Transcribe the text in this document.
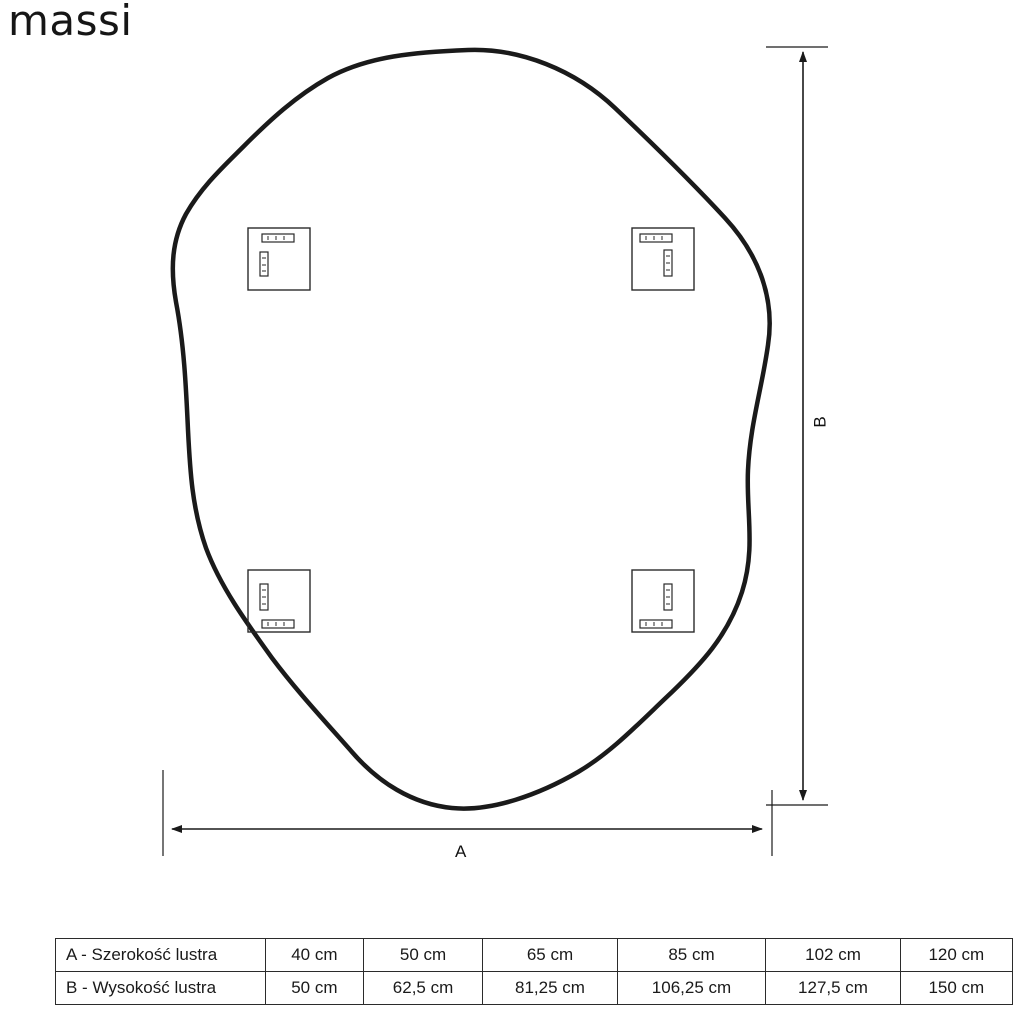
massi
A
B
A - Szerokość lustra	40 cm	50 cm	65 cm	85 cm	102 cm	120 cm
B - Wysokość lustra	50 cm	62,5 cm	81,25 cm	106,25 cm	127,5 cm	150 cm
